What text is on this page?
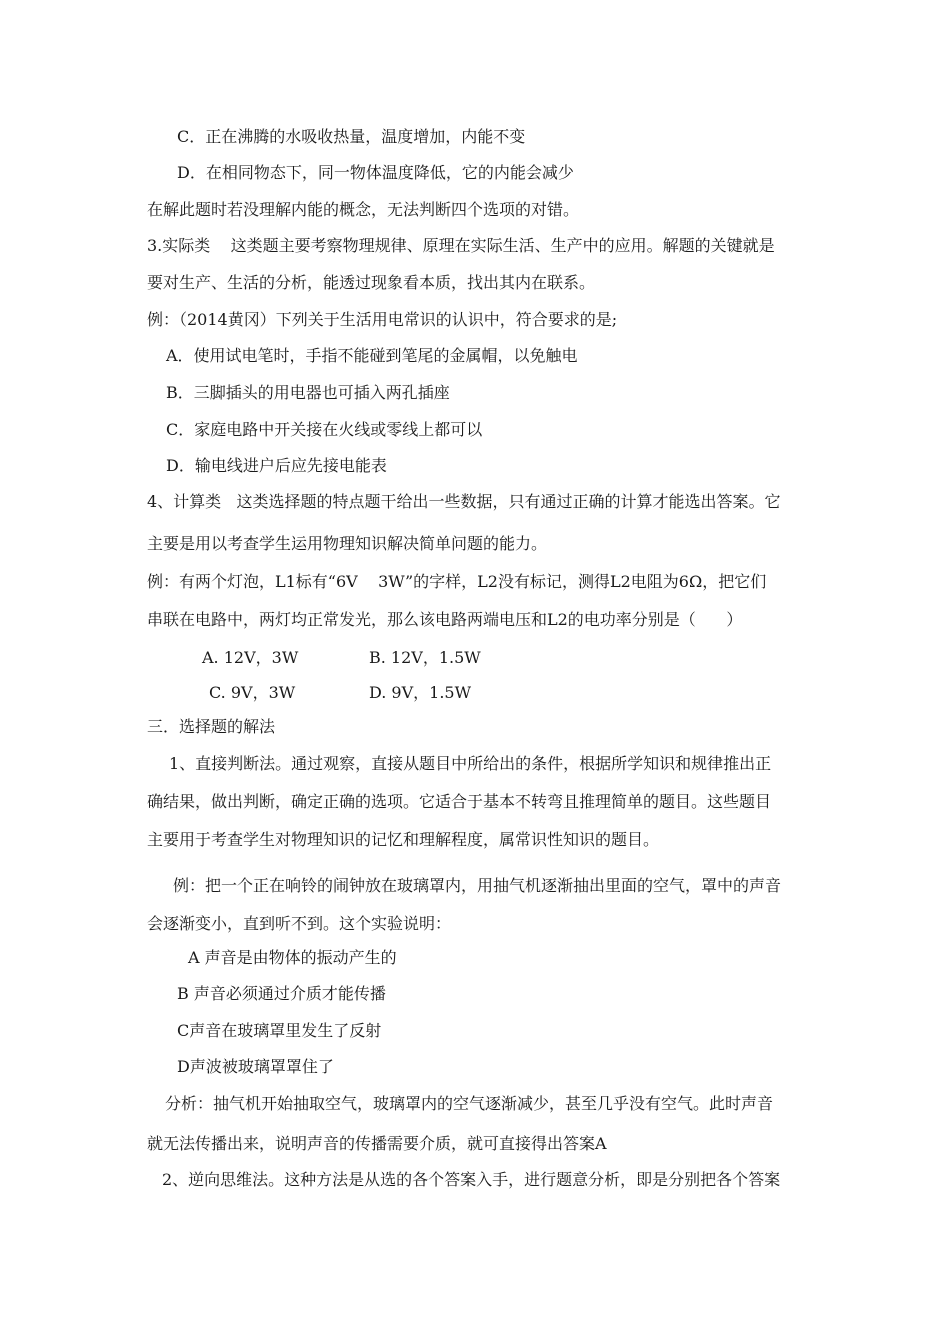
C．正在沸腾的水吸收热量，温度增加，内能不变
D．在相同物态下，同一物体温度降低，它的内能会减少
在解此题时若没理解内能的概念，无法判断四个选项的对错。
3.实际类    这类题主要考察物理规律、原理在实际生活、生产中的应用。解题的关键就是
要对生产、生活的分析，能透过现象看本质，找出其内在联系。
例：（2014黄冈）下列关于生活用电常识的认识中，符合要求的是;
A．使用试电笔时，手指不能碰到笔尾的金属帽，以免触电
B．三脚插头的用电器也可插入两孔插座
C．家庭电路中开关接在火线或零线上都可以
D．输电线进户后应先接电能表
4、计算类   这类选择题的特点题干给出一些数据，只有通过正确的计算才能选出答案。它
主要是用以考查学生运用物理知识解决简单问题的能力。
例：有两个灯泡，L1标有“6V    3W”的字样，L2没有标记，测得L2电阻为6Ω，把它们
串联在电路中，两灯均正常发光，那么该电路两端电压和L2的电功率分别是（      ）
A. 12V，3W	B. 12V，1.5W
C. 9V，3W	D. 9V，1.5W
三．选择题的解法
1、直接判断法。通过观察，直接从题目中所给出的条件，根据所学知识和规律推出正
确结果，做出判断，确定正确的选项。它适合于基本不转弯且推理简单的题目。这些题目
主要用于考查学生对物理知识的记忆和理解程度，属常识性知识的题目。
例：把一个正在响铃的闹钟放在玻璃罩内，用抽气机逐渐抽出里面的空气，罩中的声音
会逐渐变小，直到听不到。这个实验说明：
A 声音是由物体的振动产生的
B 声音必须通过介质才能传播
C声音在玻璃罩里发生了反射
D声波被玻璃罩罩住了
分析：抽气机开始抽取空气，玻璃罩内的空气逐渐减少，甚至几乎没有空气。此时声音
就无法传播出来，说明声音的传播需要介质，就可直接得出答案A
2、逆向思维法。这种方法是从选的各个答案入手，进行题意分析，即是分别把各个答案
